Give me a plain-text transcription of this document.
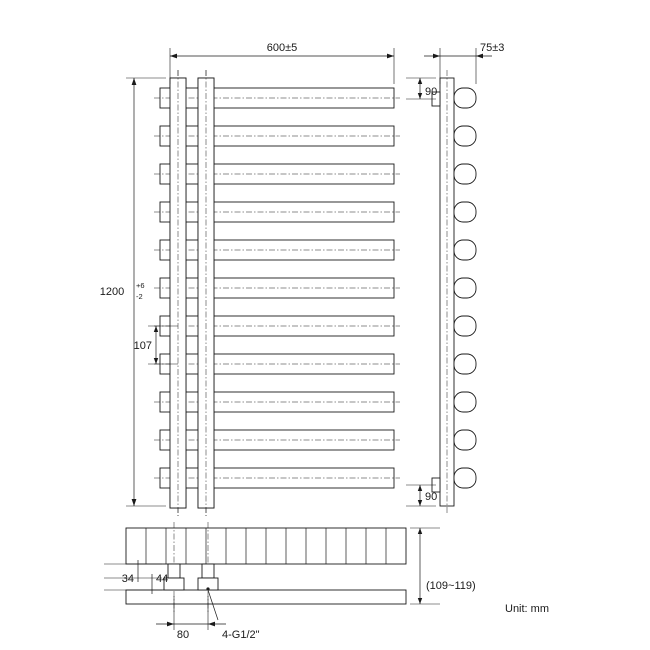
600±5
1200
+6
-2
107
75±3
90
90
34 44
80	4-G1/2"
(109~119)
Unit: mm
